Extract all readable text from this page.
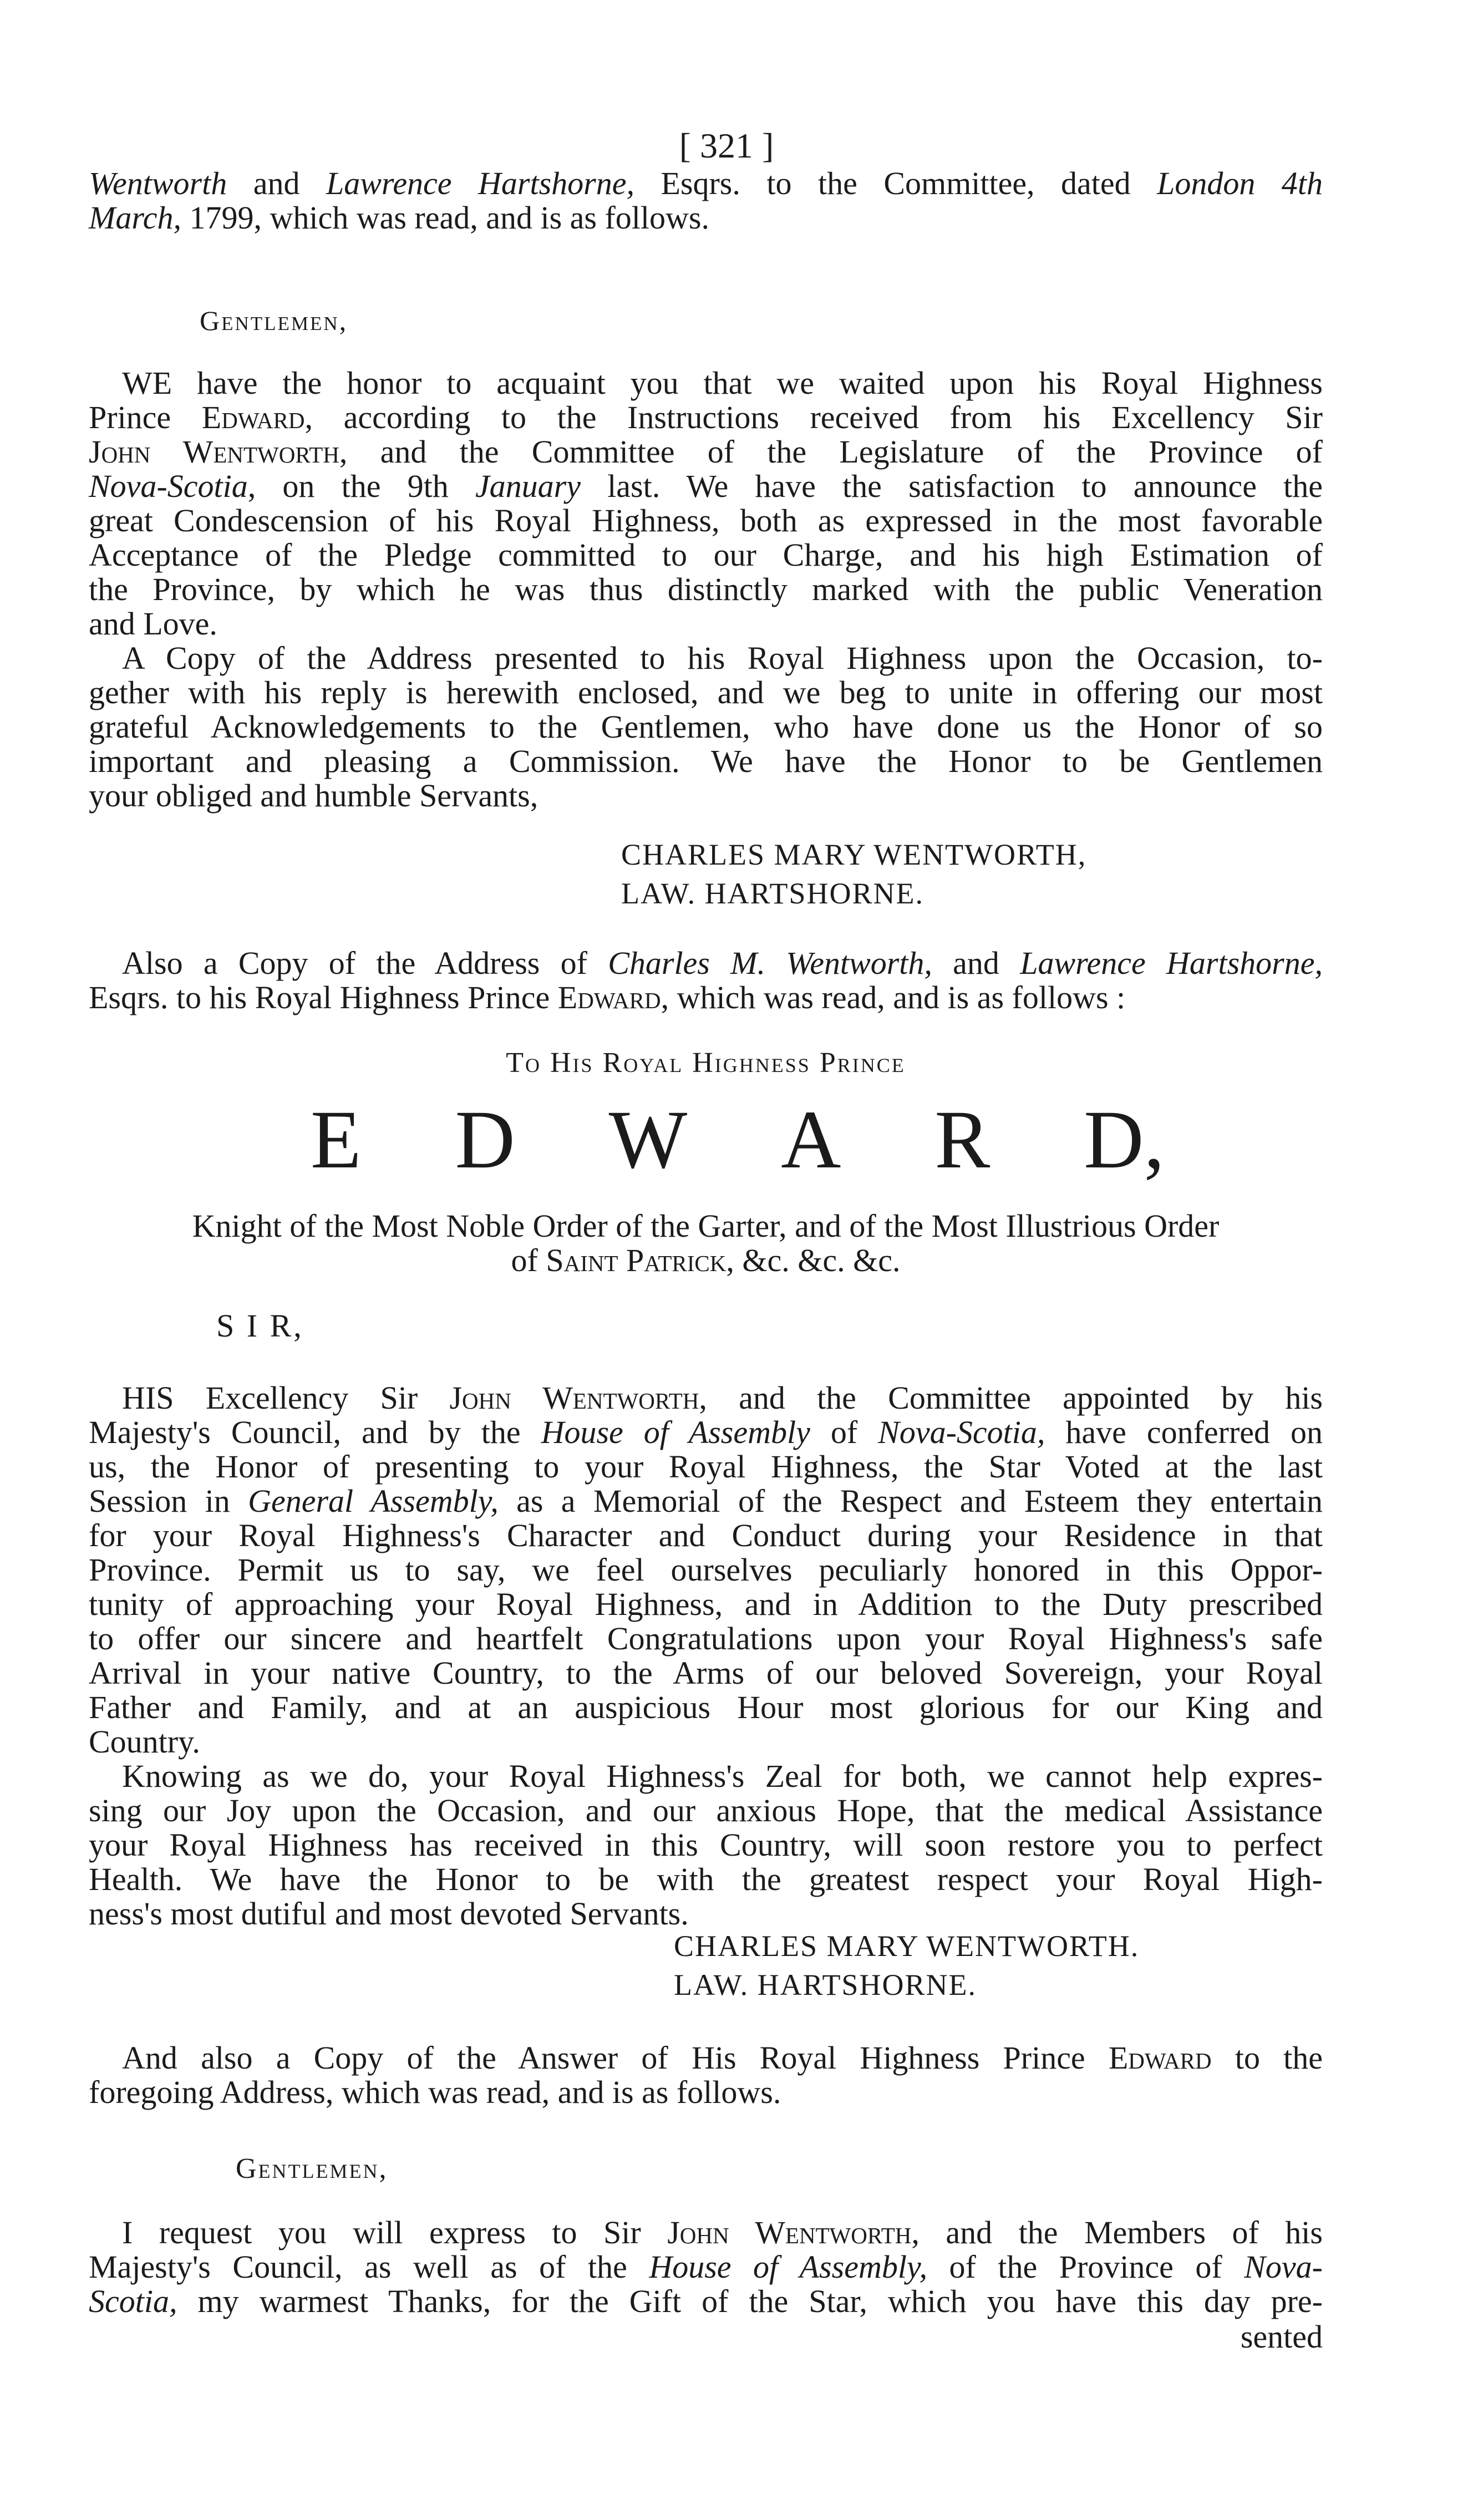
[ 321 ]
Wentworth and Lawrence Hartshorne, Esqrs. to the Committee, dated London 4th
March, 1799, which was read, and is as follows.
Gentlemen,
WE have the honor to acquaint you that we waited upon his Royal Highness
Prince Edward, according to the Instructions received from his Excellency Sir
John Wentworth, and the Committee of the Legislature of the Province of
Nova-Scotia, on the 9th January last. We have the satisfaction to announce the
great Condescension of his Royal Highness, both as expressed in the most favorable
Acceptance of the Pledge committed to our Charge, and his high Estimation of
the Province, by which he was thus distinctly marked with the public Veneration
and Love.
A Copy of the Address presented to his Royal Highness upon the Occasion, to-
gether with his reply is herewith enclosed, and we beg to unite in offering our most
grateful Acknowledgements to the Gentlemen, who have done us the Honor of so
important and pleasing a Commission. We have the Honor to be Gentlemen
your obliged and humble Servants,
CHARLES MARY WENTWORTH,
LAW. HARTSHORNE.
Also a Copy of the Address of Charles M. Wentworth, and Lawrence Hartshorne,
Esqrs. to his Royal Highness Prince Edward, which was read, and is as follows :
To His Royal Highness Prince
E D W A R D,
Knight of the Most Noble Order of the Garter, and of the Most Illustrious Order
of Saint Patrick, &c. &c. &c.
S I R,
HIS Excellency Sir John Wentworth, and the Committee appointed by his
Majesty's Council, and by the House of Assembly of Nova-Scotia, have conferred on
us, the Honor of presenting to your Royal Highness, the Star Voted at the last
Session in General Assembly, as a Memorial of the Respect and Esteem they entertain
for your Royal Highness's Character and Conduct during your Residence in that
Province. Permit us to say, we feel ourselves peculiarly honored in this Oppor-
tunity of approaching your Royal Highness, and in Addition to the Duty prescribed
to offer our sincere and heartfelt Congratulations upon your Royal Highness's safe
Arrival in your native Country, to the Arms of our beloved Sovereign, your Royal
Father and Family, and at an auspicious Hour most glorious for our King and
Country.
Knowing as we do, your Royal Highness's Zeal for both, we cannot help expres-
sing our Joy upon the Occasion, and our anxious Hope, that the medical Assistance
your Royal Highness has received in this Country, will soon restore you to perfect
Health. We have the Honor to be with the greatest respect your Royal High-
ness's most dutiful and most devoted Servants.
CHARLES MARY WENTWORTH.
LAW. HARTSHORNE.
And also a Copy of the Answer of His Royal Highness Prince Edward to the
foregoing Address, which was read, and is as follows.
Gentlemen,
I request you will express to Sir John Wentworth, and the Members of his
Majesty's Council, as well as of the House of Assembly, of the Province of Nova-
Scotia, my warmest Thanks, for the Gift of the Star, which you have this day pre-
sented
